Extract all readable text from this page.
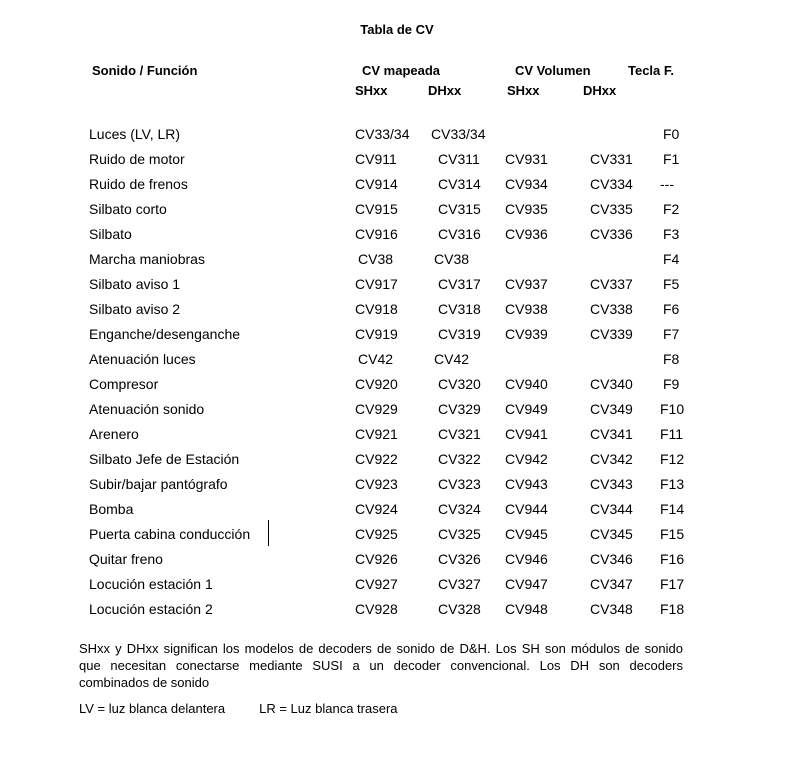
Tabla de CV
Sonido / Función	CV mapeada	CV Volumen	Tecla F.
SHxx	DHxx	SHxx	DHxx
Luces (LV, LR)	CV33/34 CV33/34	F0
Ruido de motor	CV911	CV311 CV931	CV331 F1
Ruido de frenos	CV914	CV314 CV934	CV334 ---
Silbato corto	CV915	CV315 CV935	CV335 F2
Silbato	CV916	CV316 CV936	CV336 F3
Marcha maniobras	CV38	CV38	F4
Silbato aviso 1	CV917	CV317 CV937	CV337 F5
Silbato aviso 2	CV918	CV318 CV938	CV338 F6
Enganche/desenganche	CV919	CV319 CV939	CV339 F7
Atenuación luces	CV42	CV42	F8
Compresor	CV920	CV320 CV940	CV340 F9
Atenuación sonido	CV929	CV329 CV949	CV349 F10
Arenero	CV921	CV321 CV941	CV341 F11
Silbato Jefe de Estación	CV922	CV322 CV942	CV342 F12
Subir/bajar pantógrafo	CV923	CV323 CV943	CV343 F13
Bomba	CV924	CV324 CV944	CV344 F14
Puerta cabina conducción	CV925	CV325 CV945	CV345 F15
Quitar freno	CV926	CV326 CV946	CV346 F16
Locución estación 1	CV927	CV327 CV947	CV347 F17
Locución estación 2	CV928	CV328 CV948	CV348 F18

SHxx y DHxx significan los modelos de decoders de sonido de D&H. Los SH son módulos de sonido que necesitan conectarse mediante SUSI a un decoder convencional. Los DH son decoders combinados de sonido

LV = luz blanca delantera	LR = Luz blanca trasera
